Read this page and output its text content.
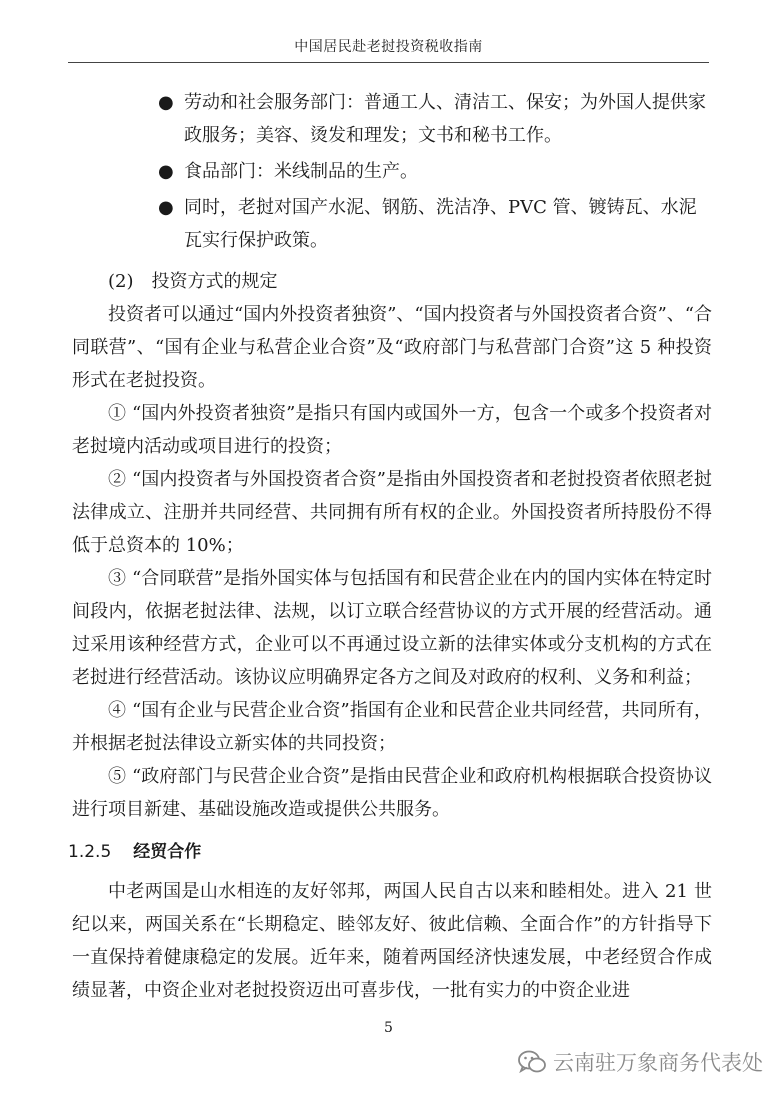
中国居民赴老挝投资税收指南
● 劳动和社会服务部门：普通工人、清洁工、保安；为外国人提供家政服务；美容、烫发和理发；文书和秘书工作。
● 食品部门：米线制品的生产。
● 同时，老挝对国产水泥、钢筋、洗洁净、PVC 管、镀铸瓦、水泥瓦实行保护政策。
(2)　投资方式的规定

投资者可以通过“国内外投资者独资”、“国内投资者与外国投资者合资”、“合同联营”、“国有企业与私营企业合资”及“政府部门与私营部门合资”这 5 种投资形式在老挝投资。

① “国内外投资者独资”是指只有国内或国外一方，包含一个或多个投资者对老挝境内活动或项目进行的投资；

② “国内投资者与外国投资者合资”是指由外国投资者和老挝投资者依照老挝法律成立、注册并共同经营、共同拥有所有权的企业。外国投资者所持股份不得低于总资本的 10%；

③ “合同联营”是指外国实体与包括国有和民营企业在内的国内实体在特定时间段内，依据老挝法律、法规，以订立联合经营协议的方式开展的经营活动。通过采用该种经营方式，企业可以不再通过设立新的法律实体或分支机构的方式在老挝进行经营活动。该协议应明确界定各方之间及对政府的权利、义务和利益；

④ “国有企业与民营企业合资”指国有企业和民营企业共同经营，共同所有，并根据老挝法律设立新实体的共同投资；

⑤ “政府部门与民营企业合资”是指由民营企业和政府机构根据联合投资协议进行项目新建、基础设施改造或提供公共服务。

1.2.5 经贸合作

中老两国是山水相连的友好邻邦，两国人民自古以来和睦相处。进入 21 世纪以来，两国关系在“长期稳定、睦邻友好、彼此信赖、全面合作”的方针指导下一直保持着健康稳定的发展。近年来，随着两国经济快速发展，中老经贸合作成绩显著，中资企业对老挝投资迈出可喜步伐，一批有实力的中资企业进

5
云南驻万象商务代表处
